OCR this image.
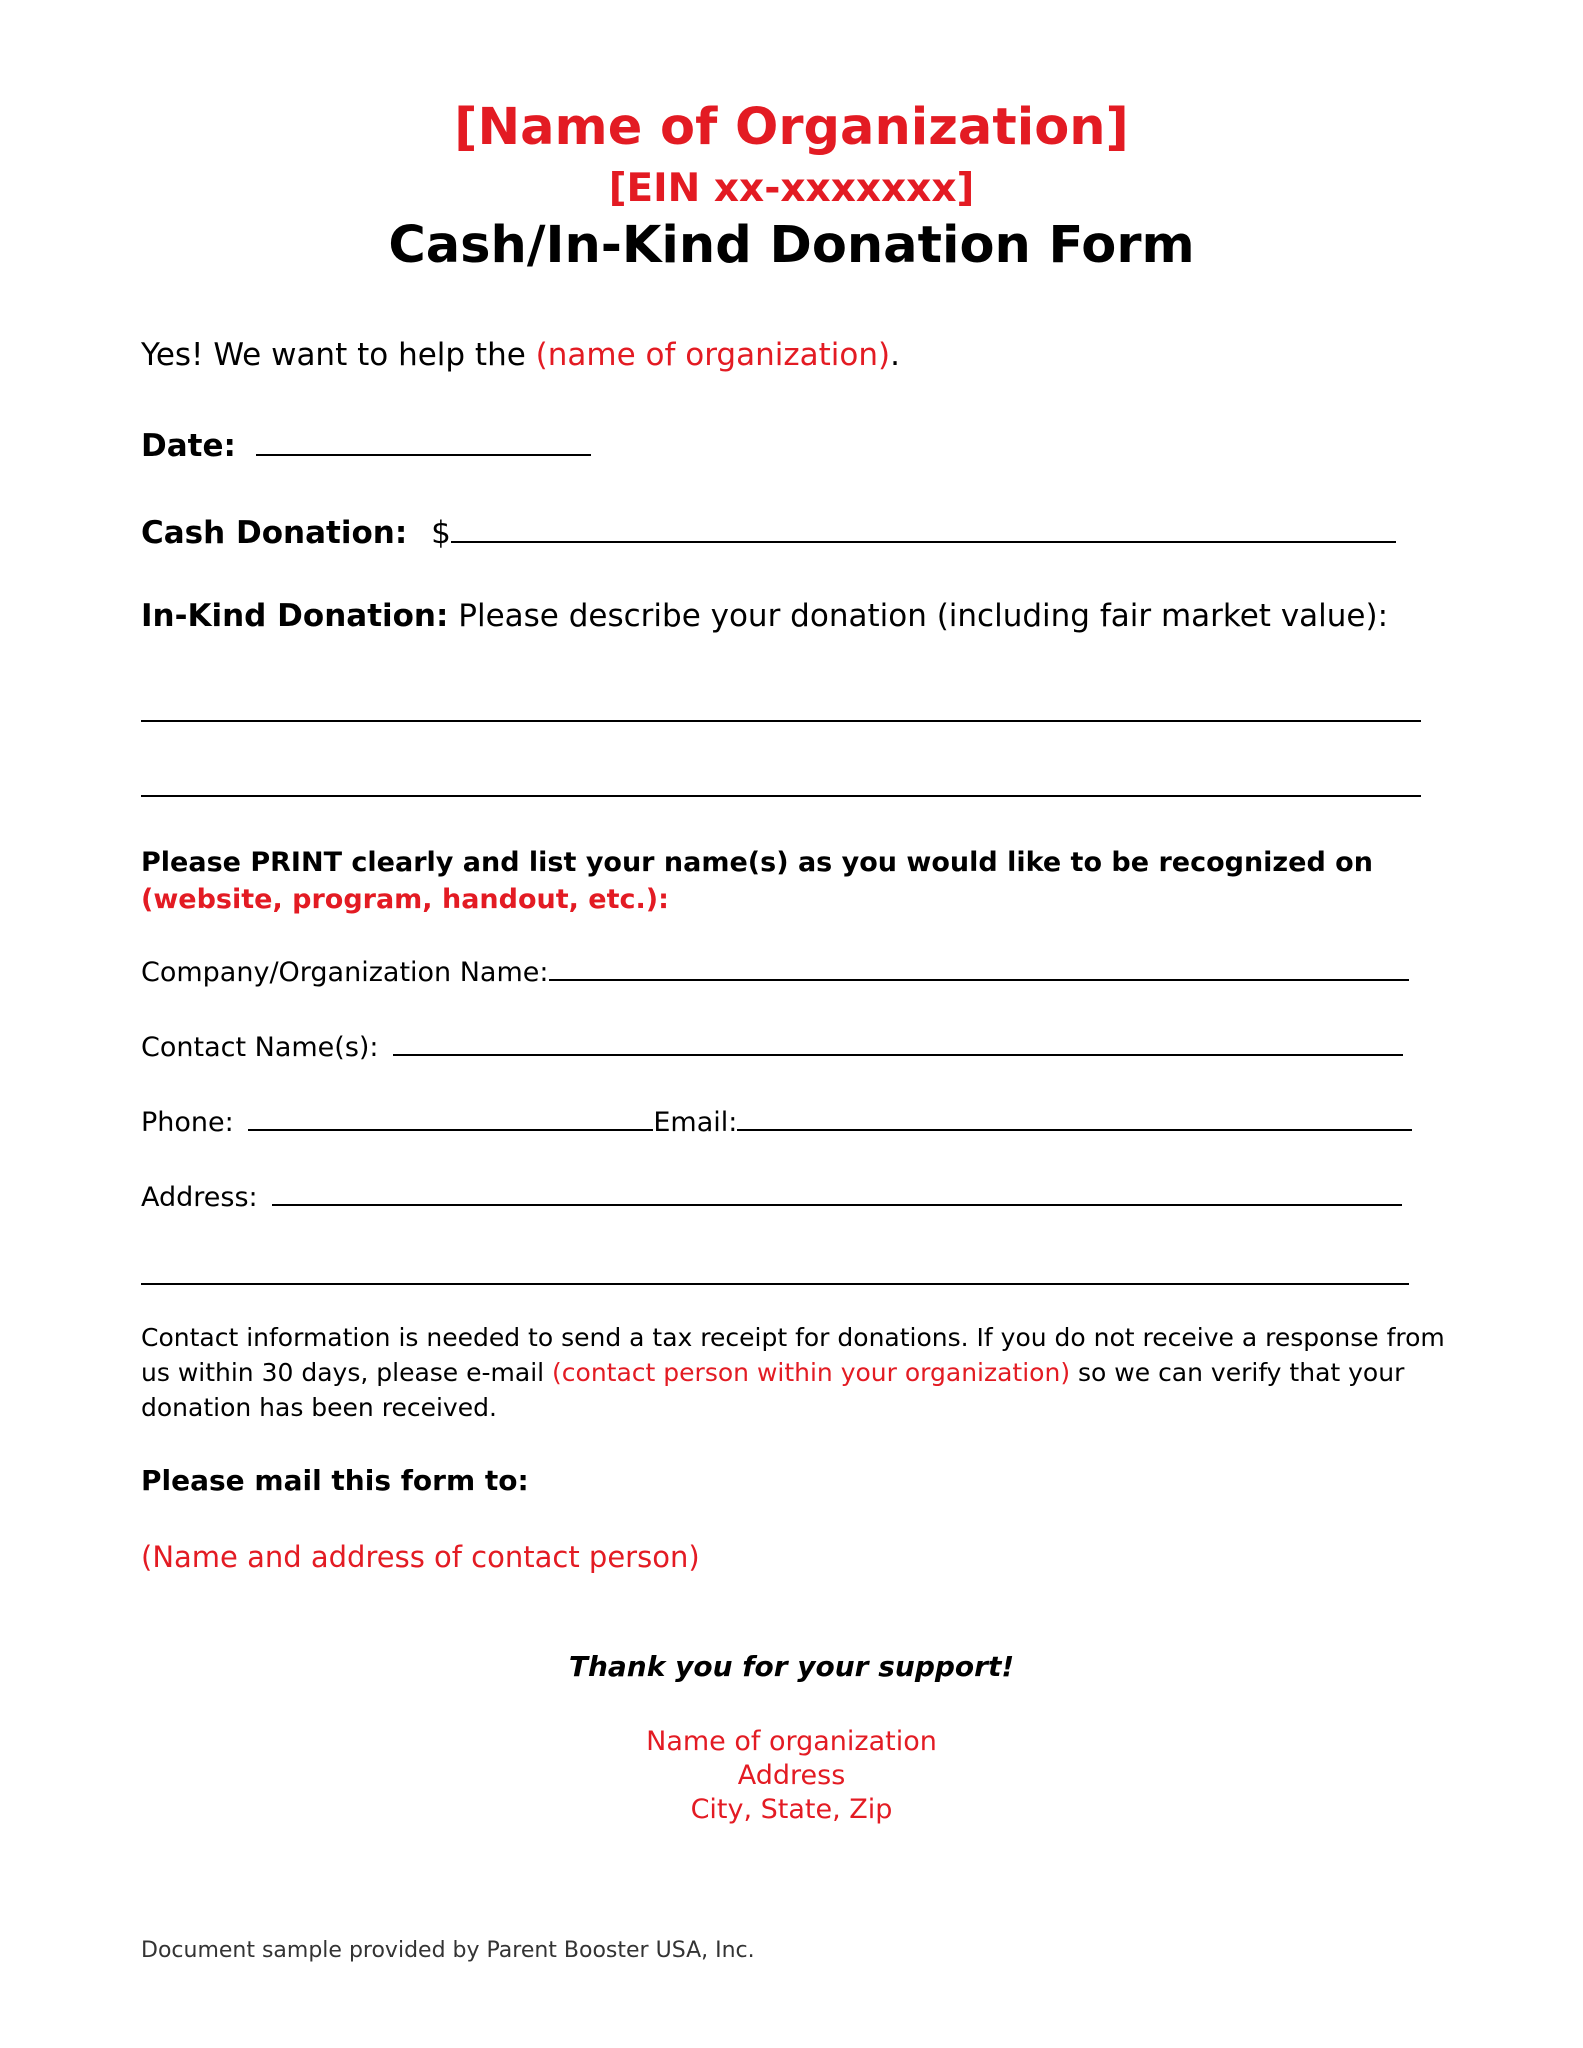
[Name of Organization]
[EIN xx-xxxxxxx]
Cash/In-Kind Donation Form
Yes! We want to help the (name of organization).
Date:
Cash Donation: $
In-Kind Donation: Please describe your donation (including fair market value):
Please PRINT clearly and list your name(s) as you would like to be recognized on
(website, program, handout, etc.):
Company/Organization Name:
Contact Name(s):
Phone:	Email:
Address:
Contact information is needed to send a tax receipt for donations. If you do not receive a response from us within 30 days, please e-mail (contact person within your organization) so we can verify that your donation has been received.
Please mail this form to:
(Name and address of contact person)
Thank you for your support!
Name of organization
Address
City, State, Zip
Document sample provided by Parent Booster USA, Inc.
